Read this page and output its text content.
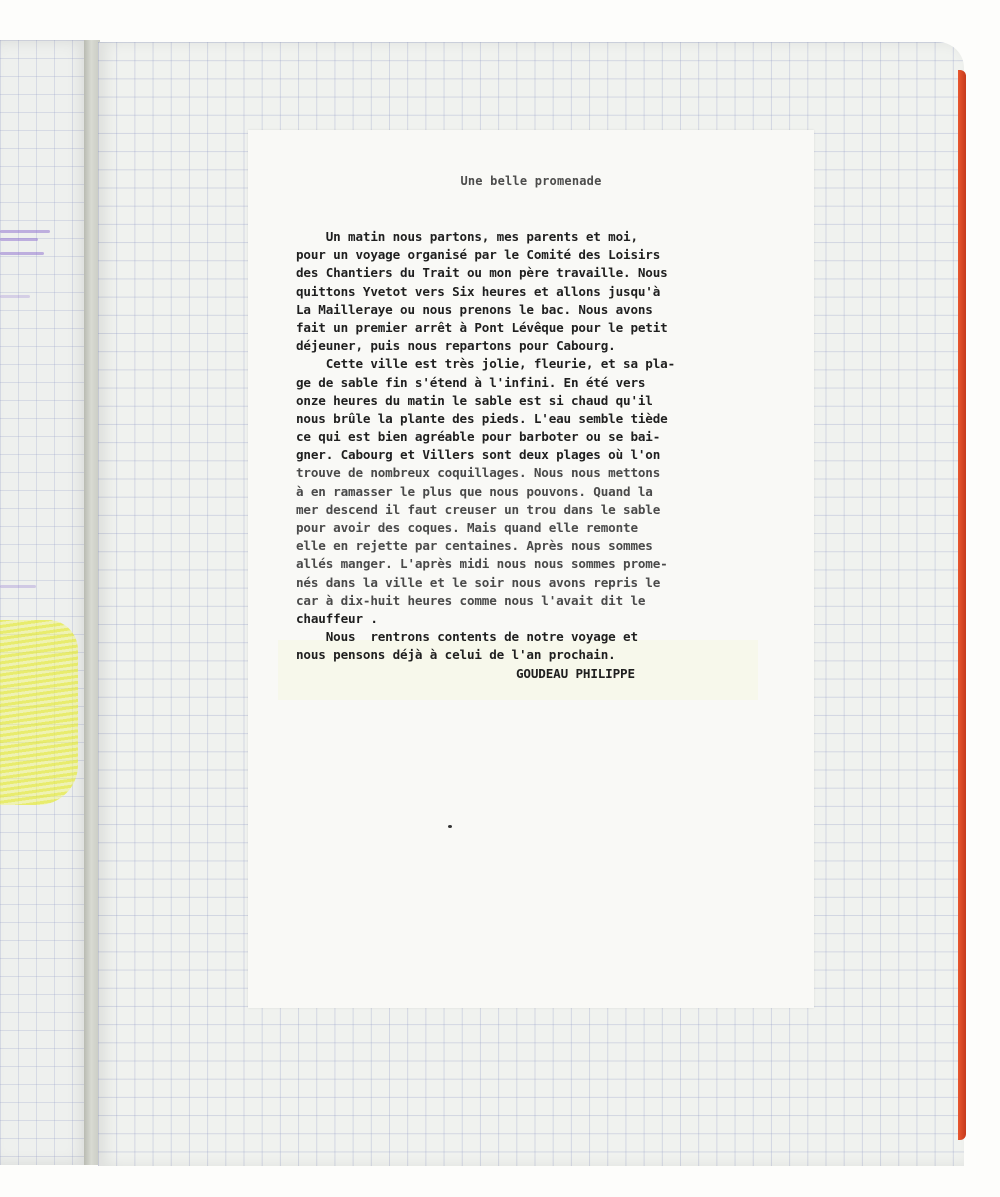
Une belle promenade
Un matin nous partons, mes parents et moi,
pour un voyage organisé par le Comité des Loisirs
des Chantiers du Trait ou mon père travaille. Nous
quittons Yvetot vers Six heures et allons jusqu'à
La Mailleraye ou nous prenons le bac. Nous avons
fait un premier arrêt à Pont Lévêque pour le petit
déjeuner, puis nous repartons pour Cabourg.
Cette ville est très jolie, fleurie, et sa pla-
ge de sable fin s'étend à l'infini. En été vers
onze heures du matin le sable est si chaud qu'il
nous brûle la plante des pieds. L'eau semble tiède
ce qui est bien agréable pour barboter ou se bai-
gner. Cabourg et Villers sont deux plages où l'on
trouve de nombreux coquillages. Nous nous mettons
à en ramasser le plus que nous pouvons. Quand la
mer descend il faut creuser un trou dans le sable
pour avoir des coques. Mais quand elle remonte
elle en rejette par centaines. Après nous sommes
allés manger. L'après midi nous nous sommes prome-
nés dans la ville et le soir nous avons repris le
car à dix-huit heures comme nous l'avait dit le
chauffeur .
Nous  rentrons contents de notre voyage et
nous pensons déjà à celui de l'an prochain.
GOUDEAU PHILIPPE
